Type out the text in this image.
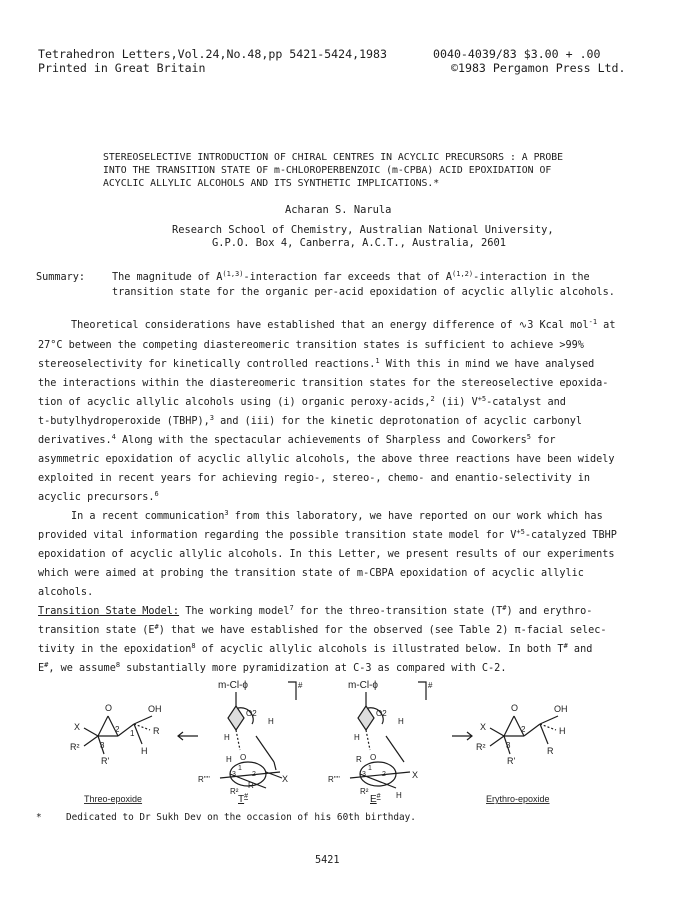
Tetrahedron Letters,Vol.24,No.48,pp 5421-5424,1983	0040-4039/83 $3.00 + .00
Printed in Great Britain	©1983 Pergamon Press Ltd.
STEREOSELECTIVE INTRODUCTION OF CHIRAL CENTRES IN ACYCLIC PRECURSORS : A PROBE
INTO THE TRANSITION STATE OF m-CHLOROPERBENZOIC (m-CPBA) ACID EPOXIDATION OF
ACYCLIC ALLYLIC ALCOHOLS AND ITS SYNTHETIC IMPLICATIONS.*
Acharan S. Narula
Research School of Chemistry, Australian National University,
G.P.O. Box 4, Canberra, A.C.T., Australia, 2601
Summary:	The magnitude of A$^{(1,3)}$-interaction far exceeds that of A$^{(1,2)}$-interaction in the
transition state for the organic per-acid epoxidation of acyclic allylic alcohols.
Theoretical considerations have established that an energy difference of ∿3 Kcal mol$^{-1}$ at
27°C between the competing diastereomeric transition states is sufficient to achieve >99%
stereoselectivity for kinetically controlled reactions.$^1$ With this in mind we have analysed
the interactions within the diastereomeric transition states for the stereoselective epoxida-
tion of acyclic allylic alcohols using (i) organic peroxy-acids,$^2$ (ii) $V^{+5}$-catalyst and
t-butylhydroperoxide (TBHP),$^3$ and (iii) for the kinetic deprotonation of acyclic carbonyl
derivatives.$^4$ Along with the spectacular achievements of Sharpless and Coworkers$^5$ for
asymmetric epoxidation of acyclic allylic alcohols, the above three reactions have been widely
exploited in recent years for achieving regio-, stereo-, chemo- and enantio-selectivity in
acyclic precursors.$^6$
In a recent communication$^3$ from this laboratory, we have reported on our work which has
provided vital information regarding the possible transition state model for $V^{+5}$-catalyzed TBHP
epoxidation of acyclic allylic alcohols. In this Letter, we present results of our experiments
which were aimed at probing the transition state of m-CBPA epoxidation of acyclic allylic
alcohols.
Transition State Model: The working model$^7$ for the threo-transition state (T#) and erythro-
transition state (E#) that we have established for the observed (see Table 2) π-facial selec-
tivity in the epoxidation$^8$ of acyclic allylic alcohols is illustrated below. In both T# and
E#, we assume$^8$ substantially more pyramidization at C-3 as compared with C-2.
O	OH
X
R²	3
2 1
R'
R
H
m-Cl-ϕ
O2
H
O
H
H
R''''	X
R²
R
3 2
1
#	m-Cl-ϕ
O2
H
O
H
R
R''''	X
R²	H
3 2
1
#
O	OH
X
R²	3
2
R'
H
R
Threo-epoxide	T#	E#	Erythro-epoxide
*	Dedicated to Dr Sukh Dev on the occasion of his 60th birthday.
5421
